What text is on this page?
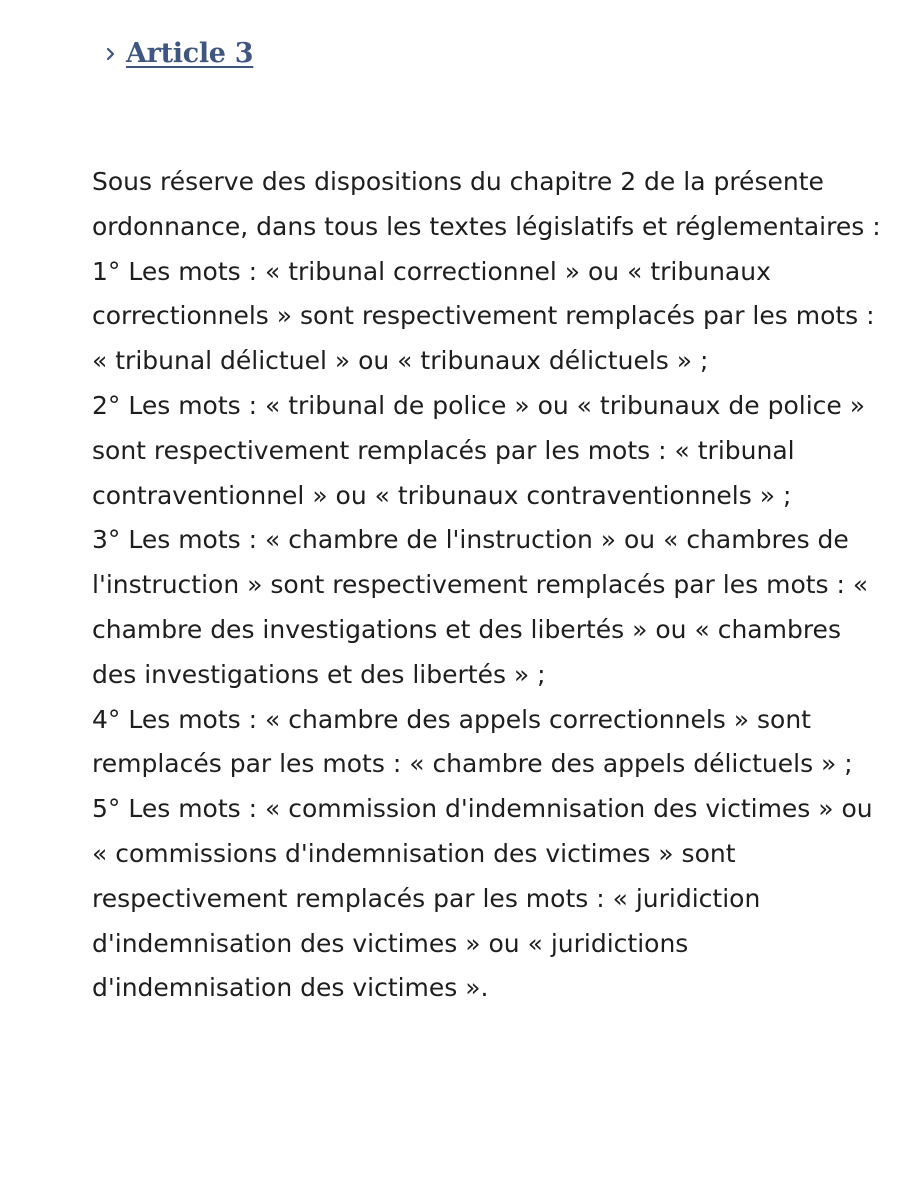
Article 3

Sous réserve des dispositions du chapitre 2 de la présente ordonnance, dans tous les textes législatifs et réglementaires :

1° Les mots : « tribunal correctionnel » ou « tribunaux correctionnels » sont respectivement remplacés par les mots : « tribunal délictuel » ou « tribunaux délictuels » ;

2° Les mots : « tribunal de police » ou « tribunaux de police » sont respectivement remplacés par les mots : « tribunal contraventionnel » ou « tribunaux contraventionnels » ;

3° Les mots : « chambre de l'instruction » ou « chambres de l'instruction » sont respectivement remplacés par les mots : « chambre des investigations et des libertés » ou « chambres des investigations et des libertés » ;

4° Les mots : « chambre des appels correctionnels » sont remplacés par les mots : « chambre des appels délictuels » ;

5° Les mots : « commission d'indemnisation des victimes » ou « commissions d'indemnisation des victimes » sont respectivement remplacés par les mots : « juridiction d'indemnisation des victimes » ou « juridictions d'indemnisation des victimes ».
